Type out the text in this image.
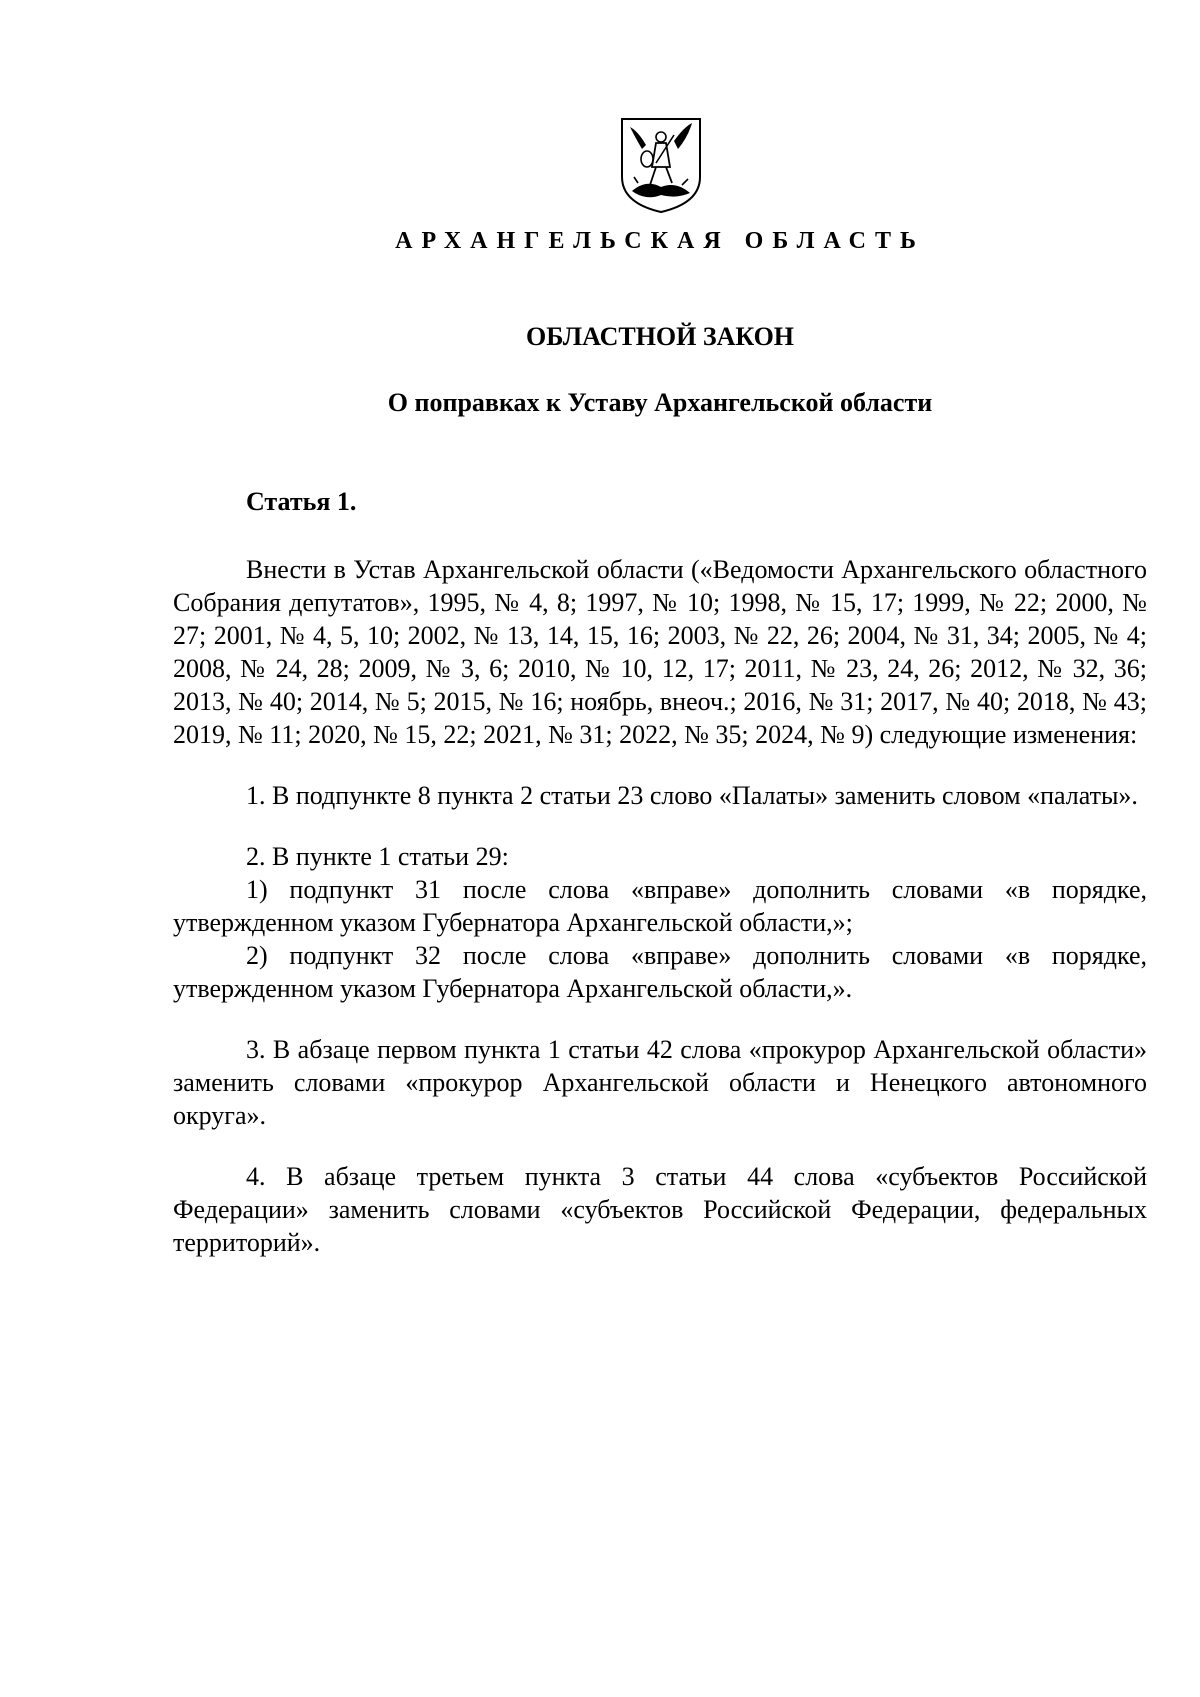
АРХАНГЕЛЬСКАЯ ОБЛАСТЬ
ОБЛАСТНОЙ ЗАКОН
О поправках к Уставу Архангельской области
Статья 1.

Внести в Устав Архангельской области («Ведомости Архангельского областного Собрания депутатов», 1995, № 4, 8; 1997, № 10; 1998, № 15, 17; 1999, № 22; 2000, № 27; 2001, № 4, 5, 10; 2002, № 13, 14, 15, 16; 2003, № 22, 26; 2004, № 31, 34; 2005, № 4; 2008, № 24, 28; 2009, № 3, 6; 2010, № 10, 12, 17; 2011, № 23, 24, 26; 2012, № 32, 36; 2013, № 40; 2014, № 5; 2015, № 16; ноябрь, внеоч.; 2016, № 31; 2017, № 40; 2018, № 43; 2019, № 11; 2020, № 15, 22; 2021, № 31; 2022, № 35; 2024, № 9) следующие изменения:

1. В подпункте 8 пункта 2 статьи 23 слово «Палаты» заменить словом «палаты».

2. В пункте 1 статьи 29:

1) подпункт 31 после слова «вправе» дополнить словами «в порядке, утвержденном указом Губернатора Архангельской области,»;

2) подпункт 32 после слова «вправе» дополнить словами «в порядке, утвержденном указом Губернатора Архангельской области,».

3. В абзаце первом пункта 1 статьи 42 слова «прокурор Архангельской области» заменить словами «прокурор Архангельской области и Ненецкого автономного округа».

4. В абзаце третьем пункта 3 статьи 44 слова «субъектов Российской Федерации» заменить словами «субъектов Российской Федерации, федеральных территорий».
